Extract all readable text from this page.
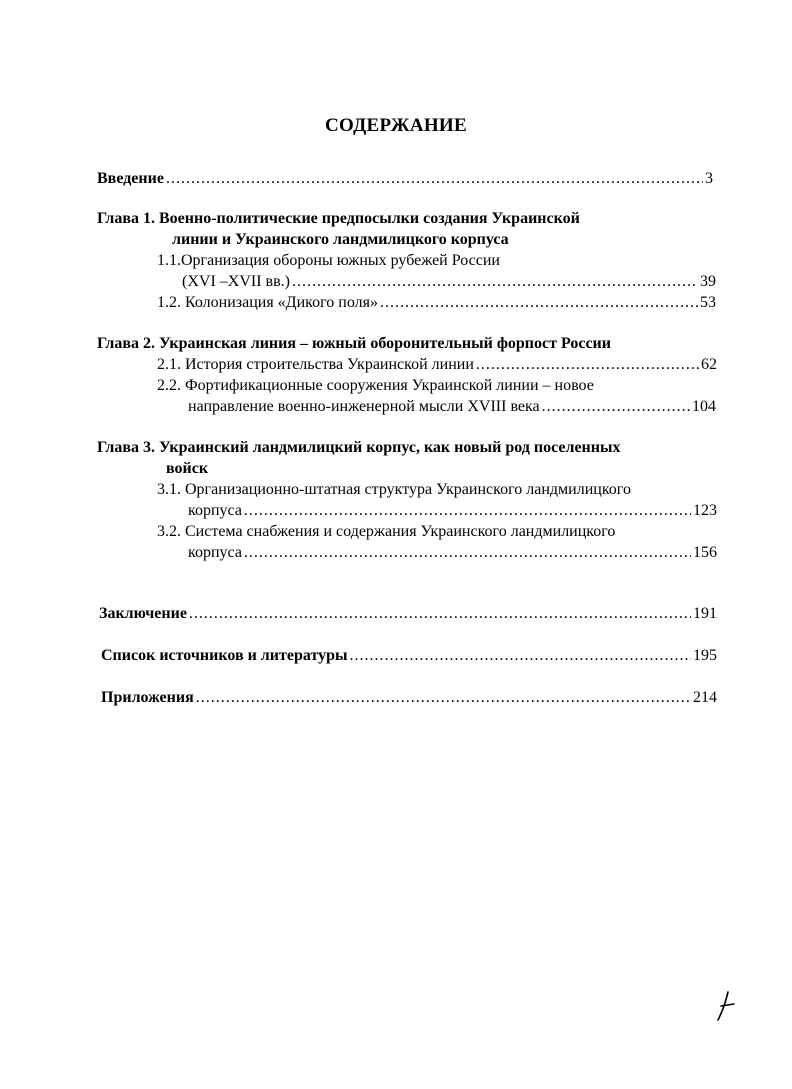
СОДЕРЖАНИЕ
Введение .....	3
Глава 1. Военно-политические предпосылки создания Украинской
линии и Украинского ландмилицкого корпуса
1.1.Организация обороны южных рубежей России
(XVI –XVII вв.) .....	39
1.2. Колонизация «Дикого поля» .....	53
Глава 2. Украинская линия – южный оборонительный форпост России
2.1. История строительства Украинской линии .....	62
2.2. Фортификационные сооружения Украинской линии – новое
направление военно-инженерной мысли XVIII века .....	104
Глава 3. Украинский ландмилицкий корпус, как новый род поселенных
войск
3.1. Организационно-штатная структура Украинского ландмилицкого
корпуса .....	123
3.2. Система снабжения и содержания Украинского ландмилицкого
корпуса .....	156
Заключение .....	191
Список источников и литературы .....	195
Приложения .....	214
